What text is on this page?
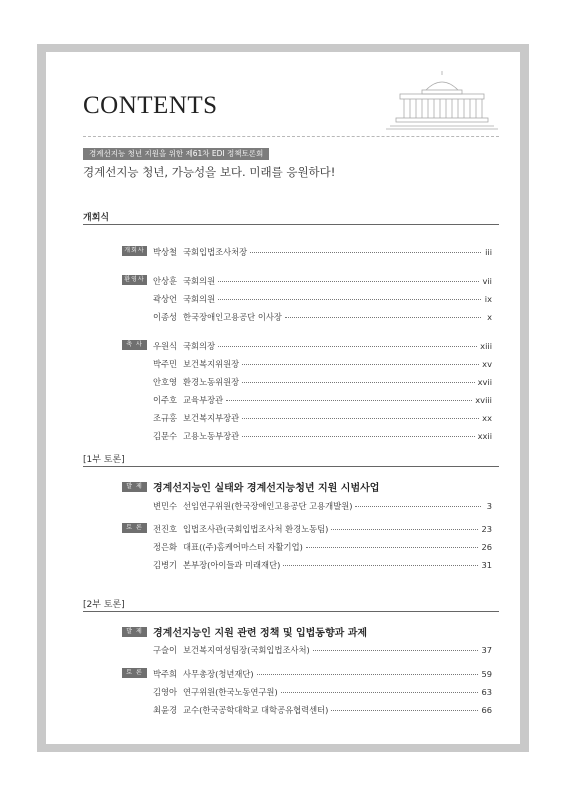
CONTENTS
경계선지능 청년 지원을 위한 제61차 EDI 정책토론회
경계선지능 청년, 가능성을 보다. 미래를 응원하다!
개회식
개회사 박상철 국회입법조사처장	iii
환영사 안상훈 국회의원	vii
곽상언 국회의원	ix
이종성 한국장애인고용공단 이사장	x
축 사	우원식 국회의장	xiii
박주민 보건복지위원장	xv
안호영 환경노동위원장	xvii
이주호 교육부장관	xviii
조규홍 보건복지부장관	xx
김문수 고용노동부장관	xxii
[1부 토론]
발 제	경계선지능인 실태와 경계선지능청년 지원 시범사업
변민수 선임연구위원(한국장애인고용공단 고용개발원)	3
토 론	전진호 입법조사관(국회입법조사처 환경노동팀)	23
정은화 대표((주)홈케어마스터 자활기업)	26
김병기 본부장(아이들과 미래재단)	31
[2부 토론]
발 제	경계선지능인 지원 관련 정책 및 입법동향과 과제
구슬이 보건복지여성팀장(국회입법조사처)	37
토 론	박주희 사무총장(청년재단)	59
김영아 연구위원(한국노동연구원)	63
최윤경 교수(한국공학대학교 대학공유협력센터)	66
